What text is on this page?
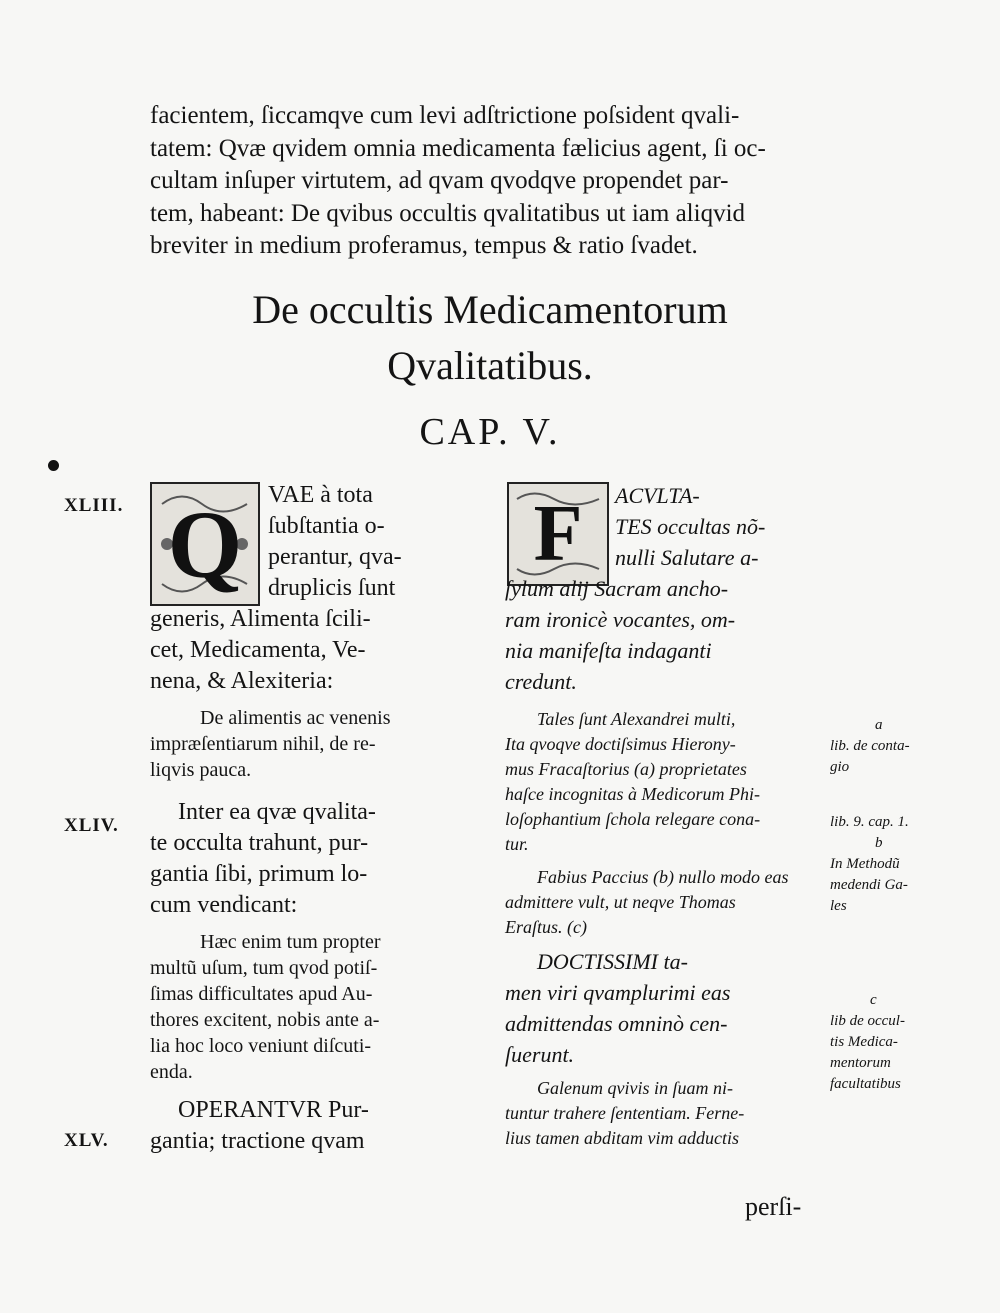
facientem, ſiccamqve cum levi adſtrictione poſsident qvali-
tatem: Qvæ qvidem omnia medicamenta fælicius agent, ſi oc-
cultam inſuper virtutem, ad qvam qvodqve propendet par-
tem, habeant: De qvibus occultis qvalitatibus ut iam aliqvid
breviter in medium proferamus, tempus & ratio ſvadet.
De occultis Medicamentorum
Qvalitatibus.
CAP. V.
XLIII.
XLIV.
XLV.
Q	VAE à tota
ſubſtantia o-
perantur, qva-
druplicis ſunt
generis, Alimenta ſcili-
cet, Medicamenta, Ve-
nena, & Alexiteria:
De alimentis ac venenis
impræſentiarum nihil, de re-
liqvis pauca.
Inter ea qvæ qvalita-
te occulta trahunt, pur-
gantia ſibi, primum lo-
cum vendicant:
Hæc enim tum propter
multũ uſum, tum qvod potiſ-
ſimas difficultates apud Au-
thores excitent, nobis ante a-
lia hoc loco veniunt diſcuti-
enda.
OPERANTVR Pur-
gantia; tractione qvam
F	ACVLTA-
TES occultas nõ-
nulli Salutare a-
ſylum alij Sacram ancho-
ram ironicè vocantes, om-
nia manifeſta indaganti
credunt.
Tales ſunt Alexandrei multi,
Ita qvoqve doctiſsimus Hierony-
mus Fracaſtorius (a) proprietates
haſce incognitas à Medicorum Phi-
loſophantium ſchola relegare cona-
tur.
Fabius Paccius (b) nullo modo eas
admittere vult, ut neqve Thomas
Eraſtus. (c)
DOCTISSIMI ta-
men viri qvamplurimi eas
admittendas omninò cen-
ſuerunt.
Galenum qvivis in ſuam ni-
tuntur trahere ſententiam. Ferne-
lius tamen abditam vim adductis
perſi-
a
lib. de conta-
gio
lib. 9. cap. 1.
b
In Methodũ
medendi Ga-
les
c
lib de occul-
tis Medica-
mentorum
facultatibus
